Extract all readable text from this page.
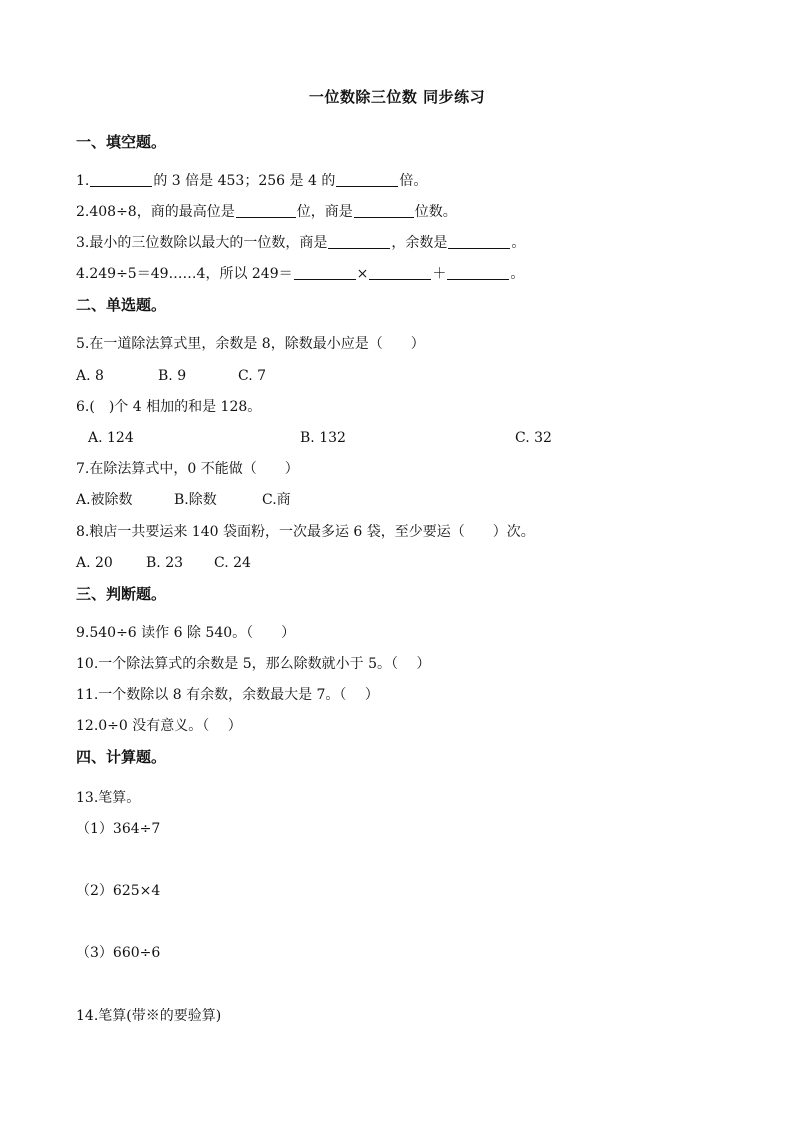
一位数除三位数 同步练习
一、填空题。
1.	的 3 倍是 453；256 是 4 的	倍。
2.408÷8，商的最高位是	位，商是	位数。
3.最小的三位数除以最大的一位数，商是	，余数是	。
4.249÷5＝49……4，所以 249＝	×	＋	。
二、单选题。
5.在一道除法算式里，余数是 8，除数最小应是（　　）
A. 8	B. 9	C. 7
6.(　)个 4 相加的和是 128。
A. 124	B. 132	C. 32
7.在除法算式中，0 不能做（　　）
A.被除数	B.除数	C.商
8.粮店一共要运来 140 袋面粉，一次最多运 6 袋，至少要运（　　）次。
A. 20 B. 23 C. 24
三、判断题。
9.540÷6 读作 6 除 540。（　　）
10.一个除法算式的余数是 5，那么除数就小于 5。（　 ）
11.一个数除以 8 有余数，余数最大是 7。（　 ）
12.0÷0 没有意义。（　 ）
四、计算题。
13.笔算。
（1）364÷7
（2）625×4
（3）660÷6
14.笔算(带※的要验算)
